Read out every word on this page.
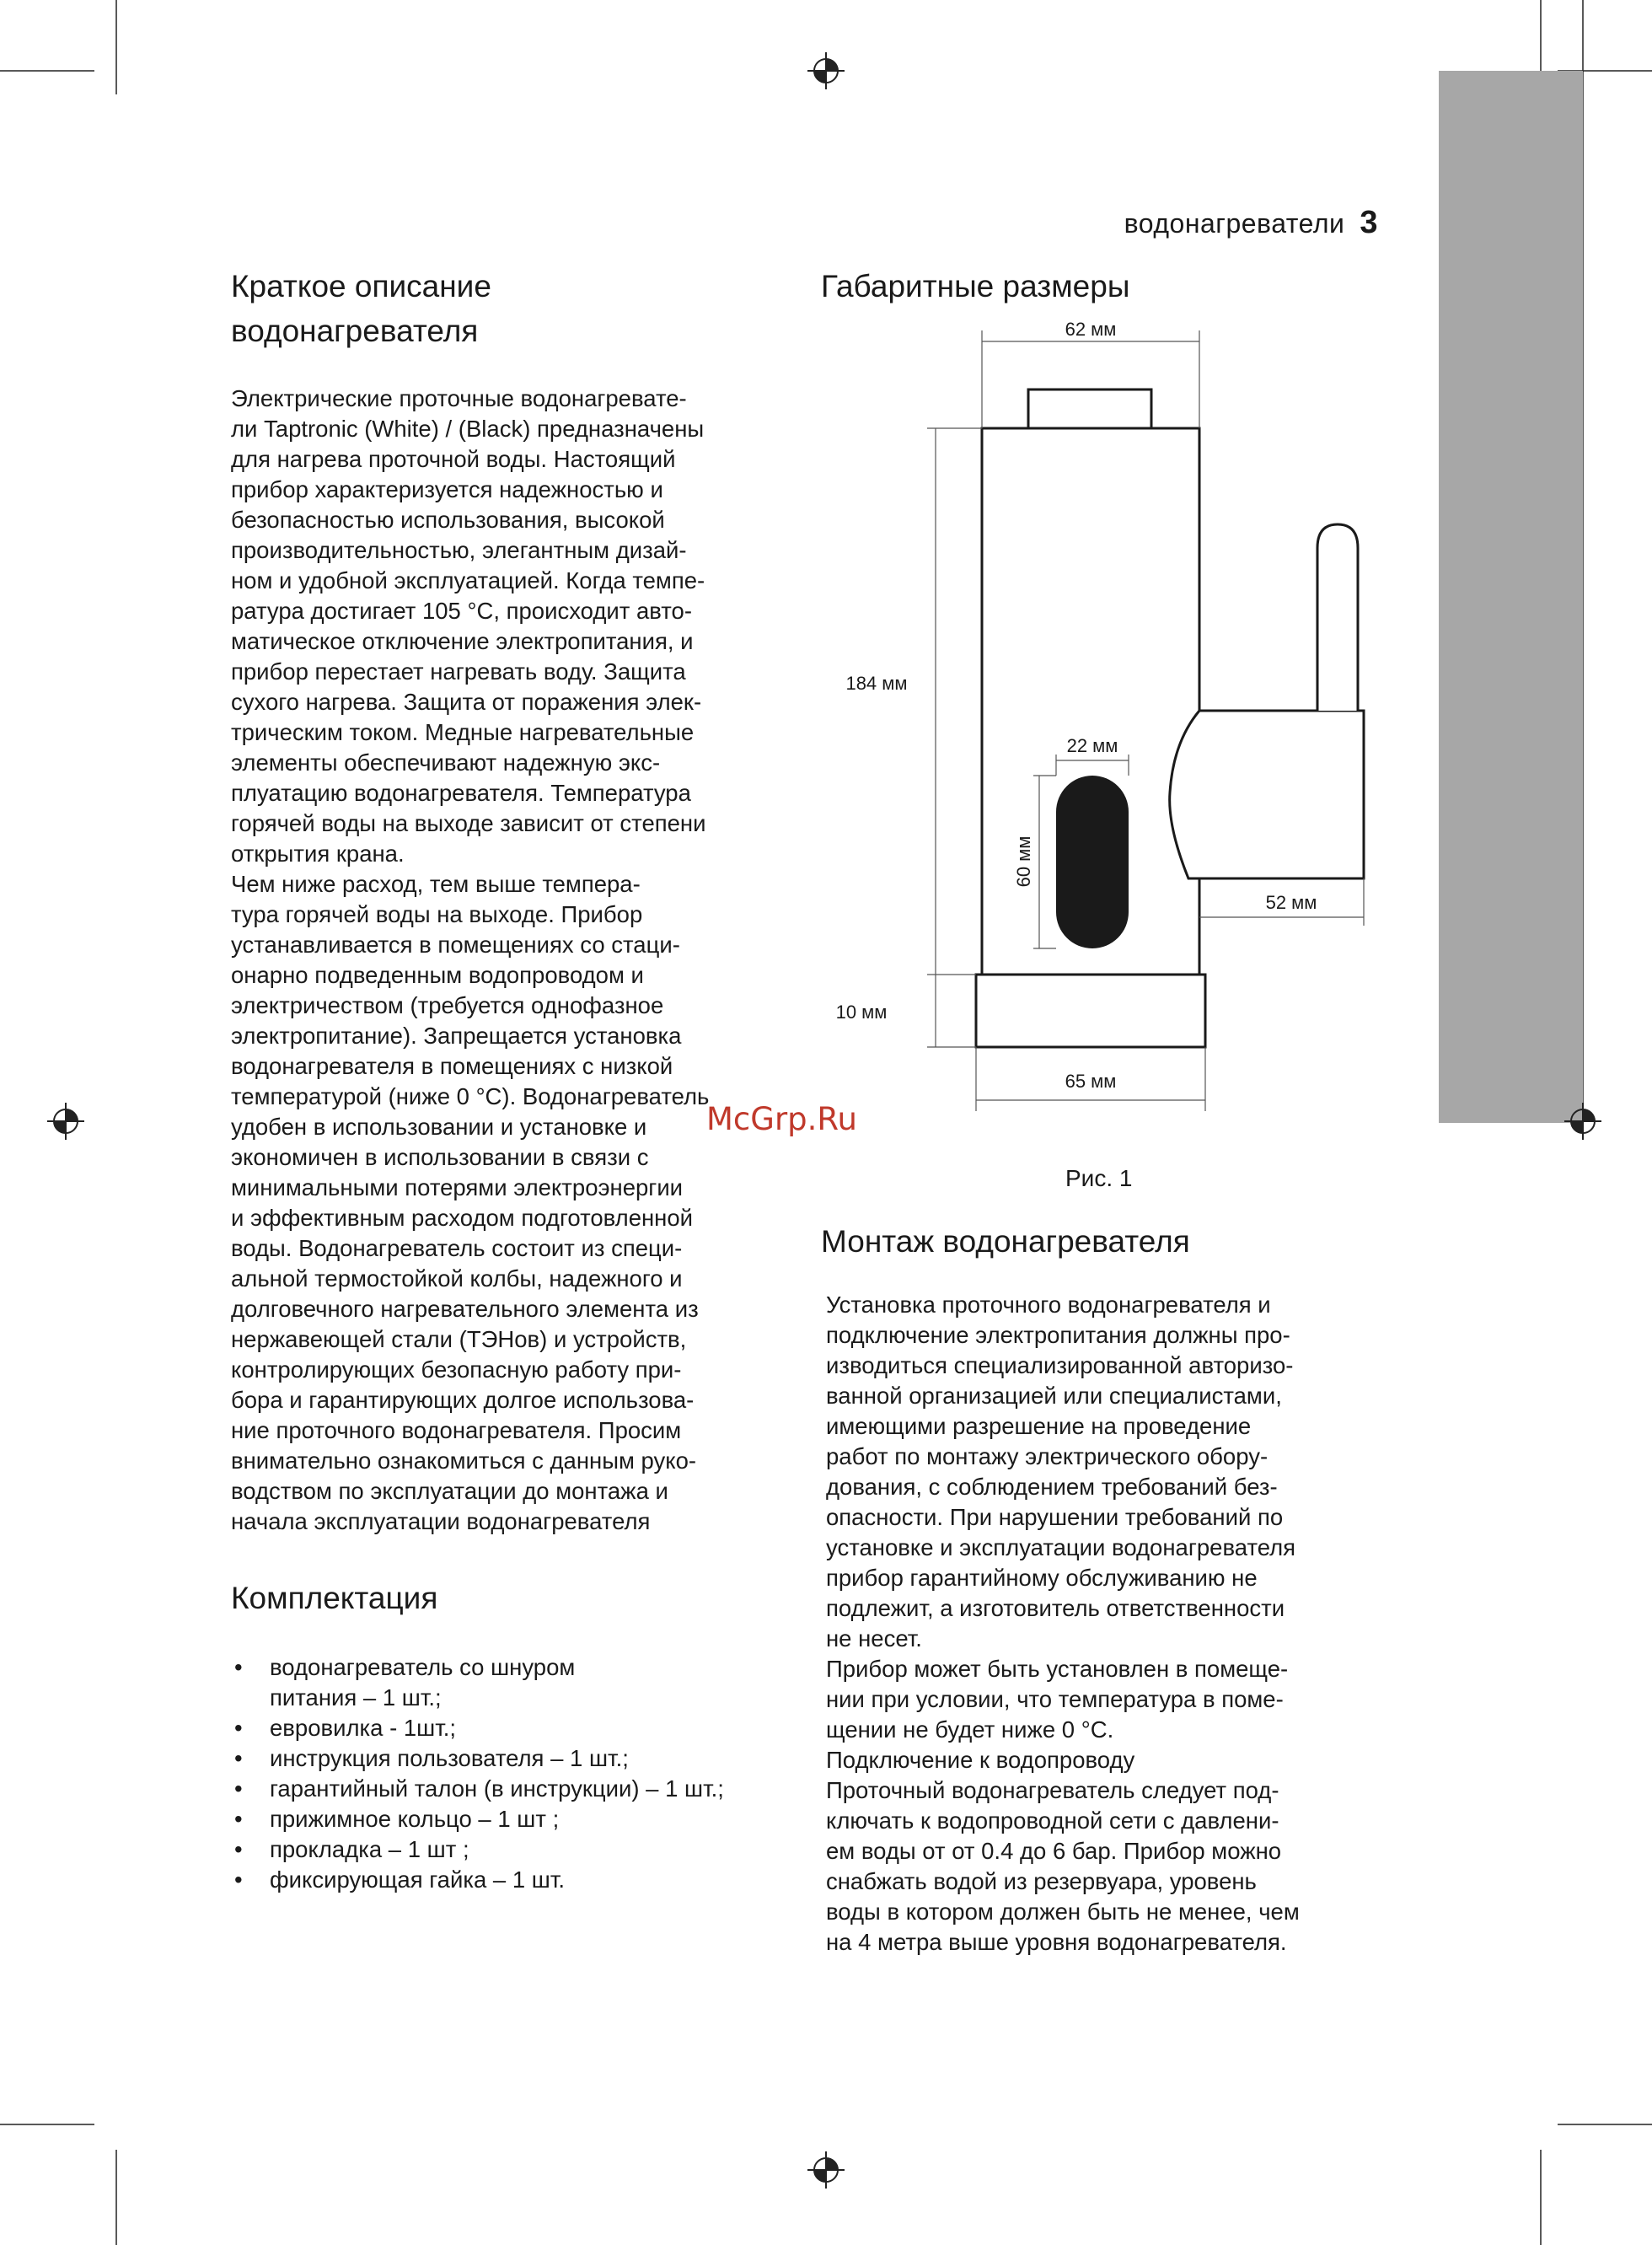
водонагреватели 3
Краткое описание
водонагревателя

Электрические проточные водонагревате-
ли Taptronic (White) / (Black) предназначены
для нагрева проточной воды. Настоящий
прибор характеризуется надежностью и
безопасностью использования, высокой
производительностью, элегантным дизай-
ном и удобной эксплуатацией. Когда темпе-
ратура достигает 105 °С, происходит авто-
матическое отключение электропитания, и
прибор перестает нагревать воду. Защита
сухого нагрева. Защита от поражения элек-
трическим током. Медные нагревательные
элементы обеспечивают надежную экс-
плуатацию водонагревателя. Температура
горячей воды на выходе зависит от степени
открытия крана.
Чем ниже расход, тем выше темпера-
тура горячей воды на выходе. Прибор
устанавливается в помещениях со стаци-
онарно подведенным водопроводом и
электричеством (требуется однофазное
электропитание). Запрещается установка
водонагревателя в помещениях с низкой
температурой (ниже 0 °С). Водонагреватель
удобен в использовании и установке и
экономичен в использовании в связи с
минимальными потерями электроэнергии
и эффективным расходом подготовленной
воды. Водонагреватель состоит из специ-
альной термостойкой колбы, надежного и
долговечного нагревательного элемента из
нержавеющей стали (ТЭНов) и устройств,
контролирующих безопасную работу при-
бора и гарантирующих долгое использова-
ние проточного водонагревателя. Просим
внимательно ознакомиться с данным руко-
водством по эксплуатации до монтажа и
начала эксплуатации водонагревателя

Комплектация
• водонагреватель со шнуром
питания – 1 шт.;
• евровилка - 1шт.;
• инструкция пользователя – 1 шт.;
• гарантийный талон (в инструкции) – 1 шт.;
• прижимное кольцо – 1 шт ;
• прокладка – 1 шт ;
• фиксирующая гайка – 1 шт.
Габаритные размеры
62 мм
184 мм
22 мм
60 мм
52 мм
10 мм
65 мм
McGrp.Ru
Рис. 1
Монтаж водонагревателя

Установка проточного водонагревателя и
подключение электропитания должны про-
изводиться специализированной авторизо-
ванной организацией или специалистами,
имеющими разрешение на проведение
работ по монтажу электрического обору-
дования, с соблюдением требований без-
опасности. При нарушении требований по
установке и эксплуатации водонагревателя
прибор гарантийному обслуживанию не
подлежит, а изготовитель ответственности
не несет.
Прибор может быть установлен в помеще-
нии при условии, что температура в поме-
щении не будет ниже 0 °С.
Подключение к водопроводу
Проточный водонагреватель следует под-
ключать к водопроводной сети с давлени-
ем воды от от 0.4 до 6 бар. Прибор можно
снабжать водой из резервуара, уровень
воды в котором должен быть не менее, чем
на 4 метра выше уровня водонагревателя.
